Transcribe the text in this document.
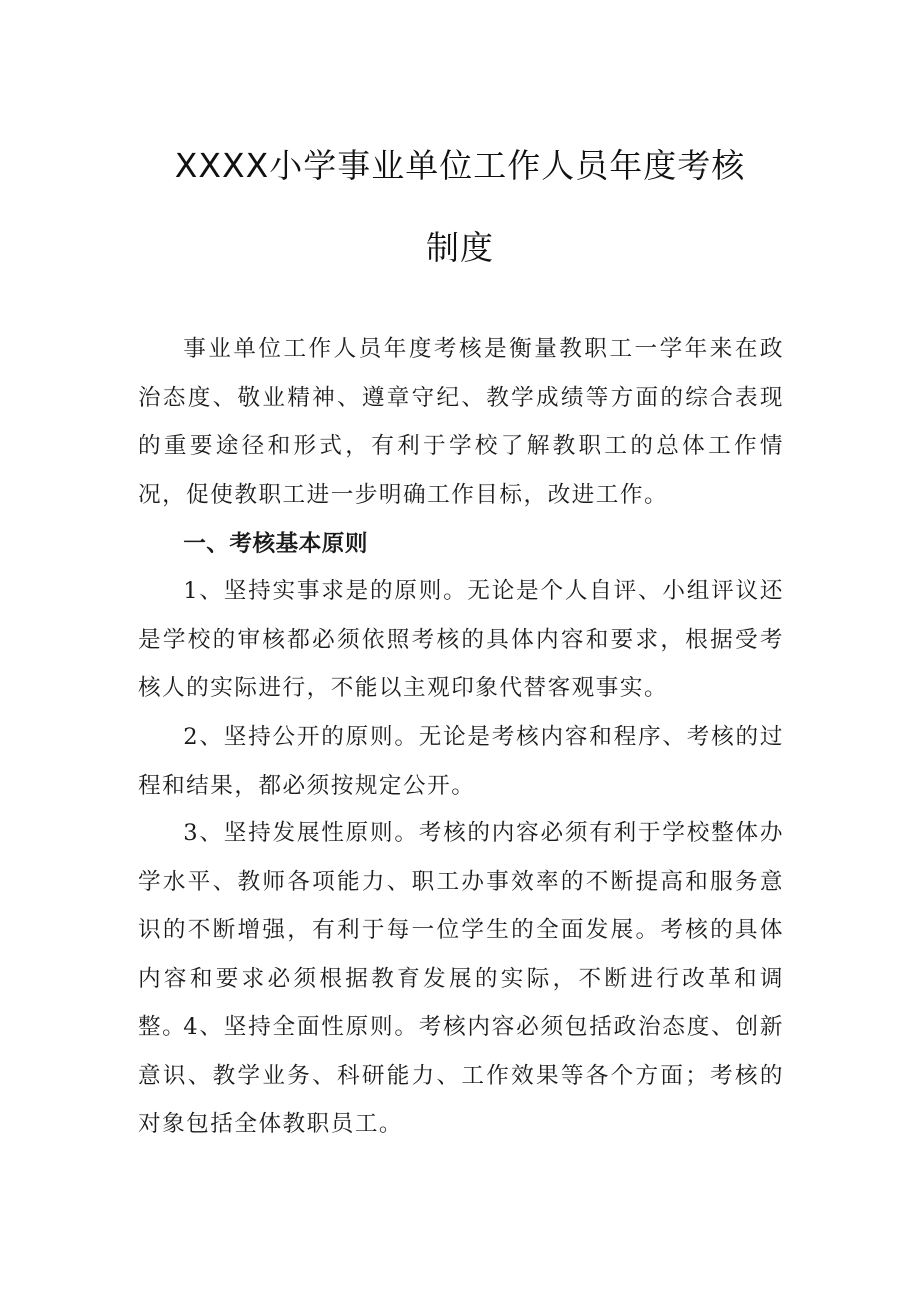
XXXX小学事业单位工作人员年度考核
制度

事业单位工作人员年度考核是衡量教职工一学年来在政治态度、敬业精神、遵章守纪、教学成绩等方面的综合表现的重要途径和形式，有利于学校了解教职工的总体工作情况，促使教职工进一步明确工作目标，改进工作。

一、考核基本原则

1、坚持实事求是的原则。无论是个人自评、小组评议还是学校的审核都必须依照考核的具体内容和要求，根据受考核人的实际进行，不能以主观印象代替客观事实。

2、坚持公开的原则。无论是考核内容和程序、考核的过程和结果，都必须按规定公开。

3、坚持发展性原则。考核的内容必须有利于学校整体办学水平、教师各项能力、职工办事效率的不断提高和服务意识的不断增强，有利于每一位学生的全面发展。考核的具体内容和要求必须根据教育发展的实际，不断进行改革和调整。

4、坚持全面性原则。考核内容必须包括政治态度、创新意识、教学业务、科研能力、工作效果等各个方面；考核的对象包括全体教职员工。
